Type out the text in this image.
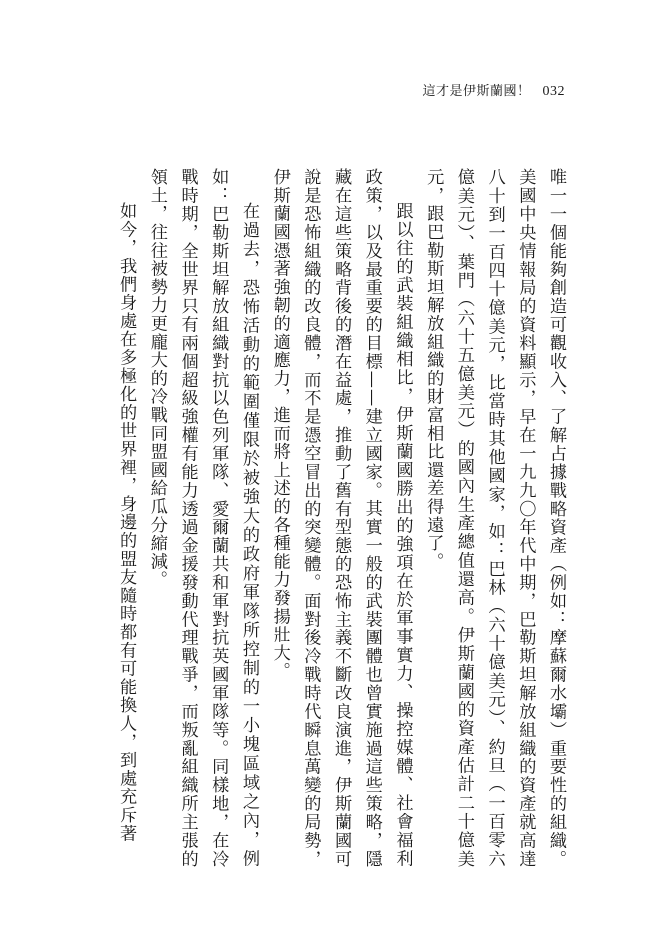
這才是伊斯蘭國！ 032

唯一一個能夠創造可觀收入、了解占據戰略資產（例如：摩蘇爾水壩）重要性的組織。美國中央情報局的資料顯示，早在一九九〇年代中期，巴勒斯坦解放組織的資產就高達八十到一百四十億美元，比當時其他國家，如：巴林（六十億美元）、約旦（一百零六億美元）、葉門（六十五億美元）的國內生產總值還高。伊斯蘭國的資產估計二十億美元，跟巴勒斯坦解放組織的財富相比還差得遠了。

跟以往的武裝組織相比，伊斯蘭國勝出的強項在於軍事實力、操控媒體、社會福利政策，以及最重要的目標——建立國家。其實一般的武裝團體也曾實施過這些策略，隱藏在這些策略背後的潛在益處，推動了舊有型態的恐怖主義不斷改良演進，伊斯蘭國可說是恐怖組織的改良體，而不是憑空冒出的突變體。面對後冷戰時代瞬息萬變的局勢，伊斯蘭國憑著強韌的適應力，進而將上述的各種能力發揚壯大。

在過去，恐怖活動的範圍僅限於被強大的政府軍隊所控制的一小塊區域之內，例如：巴勒斯坦解放組織對抗以色列軍隊、愛爾蘭共和軍對抗英國軍隊等。同樣地，在冷戰時期，全世界只有兩個超級強權有能力透過金援發動代理戰爭，而叛亂組織所主張的領土，往往被勢力更龐大的冷戰同盟國給瓜分縮減。

如今，我們身處在多極化的世界裡，身邊的盟友隨時都有可能換人，到處充斥著
